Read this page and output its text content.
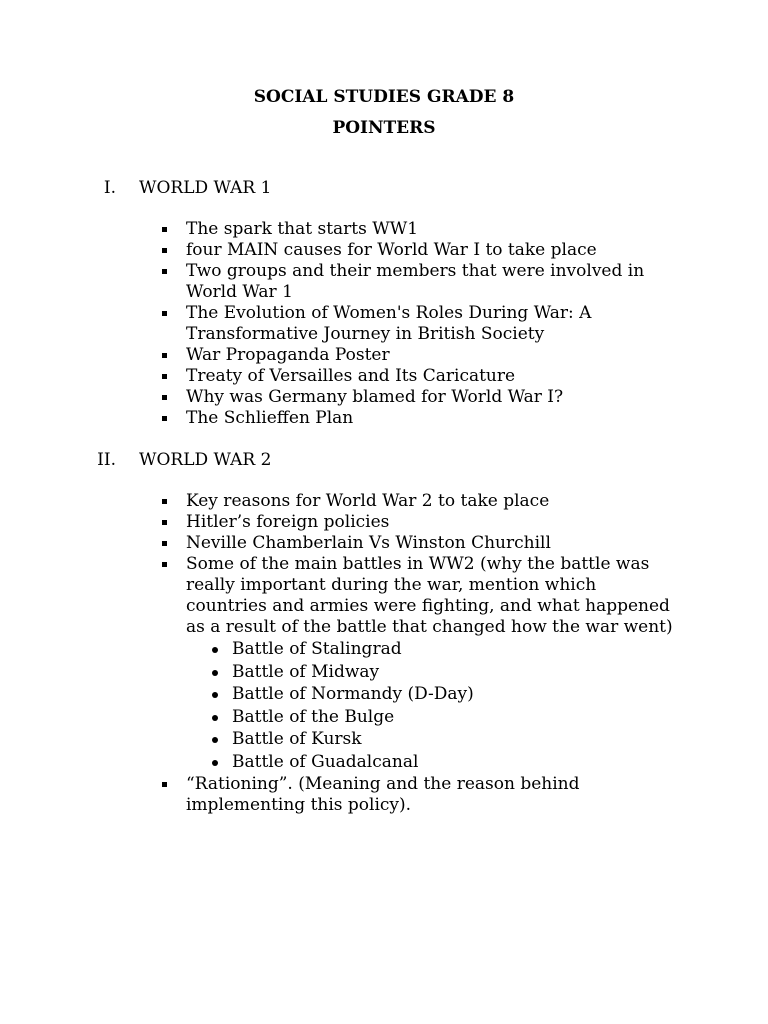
SOCIAL STUDIES GRADE 8
POINTERS
I. WORLD WAR 1
The spark that starts WW1
four MAIN causes for World War I to take place
Two groups and their members that were involved in World War 1
The Evolution of Women's Roles During War: A Transformative Journey in British Society
War Propaganda Poster
Treaty of Versailles and Its Caricature
Why was Germany blamed for World War I?
The Schlieffen Plan
II. WORLD WAR 2
Key reasons for World War 2 to take place
Hitler’s foreign policies
Neville Chamberlain Vs Winston Churchill
Some of the main battles in WW2 (why the battle was really important during the war, mention which countries and armies were fighting, and what happened as a result of the battle that changed how the war went)
Battle of Stalingrad
Battle of Midway
Battle of Normandy (D-Day)
Battle of the Bulge
Battle of Kursk
Battle of Guadalcanal
“Rationing”. (Meaning and the reason behind implementing this policy).
